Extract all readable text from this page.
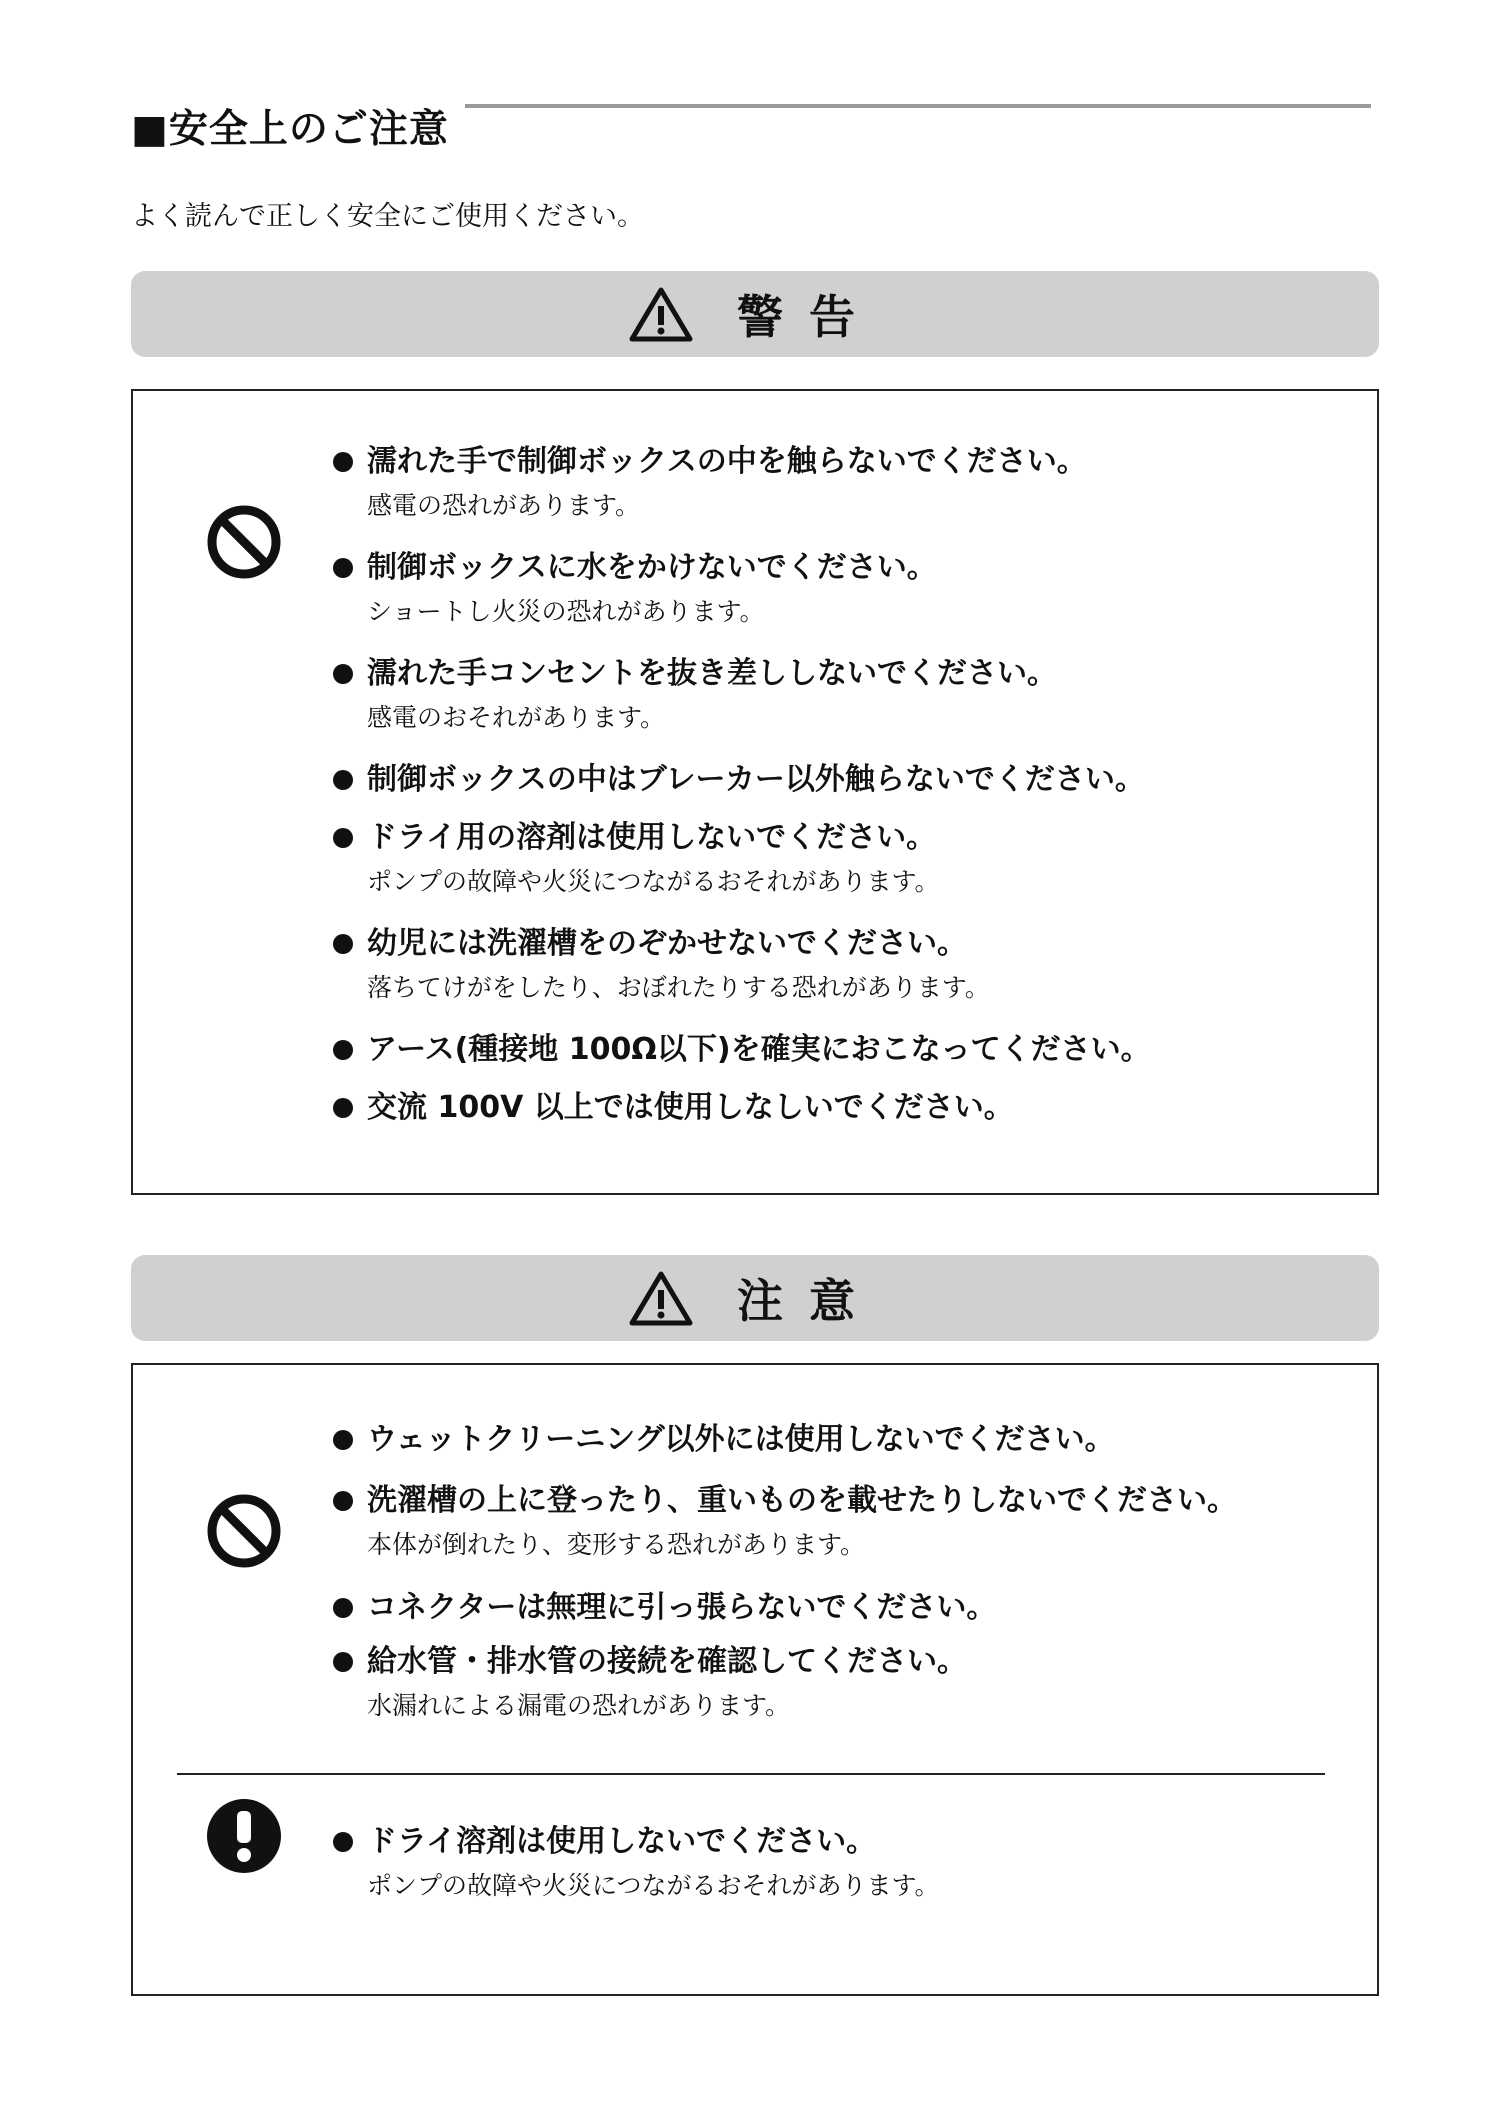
■安全上のご注意
よく読んで正しく安全にご使用ください。
警告
濡れた手で制御ボックスの中を触らないでください。
感電の恐れがあります。
制御ボックスに水をかけないでください。
ショートし火災の恐れがあります。
濡れた手コンセントを抜き差ししないでください。
感電のおそれがあります。
制御ボックスの中はブレーカー以外触らないでください。
ドライ用の溶剤は使用しないでください。
ポンプの故障や火災につながるおそれがあります。
幼児には洗濯槽をのぞかせないでください。
落ちてけがをしたり、おぼれたりする恐れがあります。
アース(種接地 100Ω以下)を確実におこなってください。
交流 100V 以上では使用しなしいでください。
注意
ウェットクリーニング以外には使用しないでください。
洗濯槽の上に登ったり、重いものを載せたりしないでください。
本体が倒れたり、変形する恐れがあります。
コネクターは無理に引っ張らないでください。
給水管・排水管の接続を確認してください。
水漏れによる漏電の恐れがあります。
ドライ溶剤は使用しないでください。
ポンプの故障や火災につながるおそれがあります。
